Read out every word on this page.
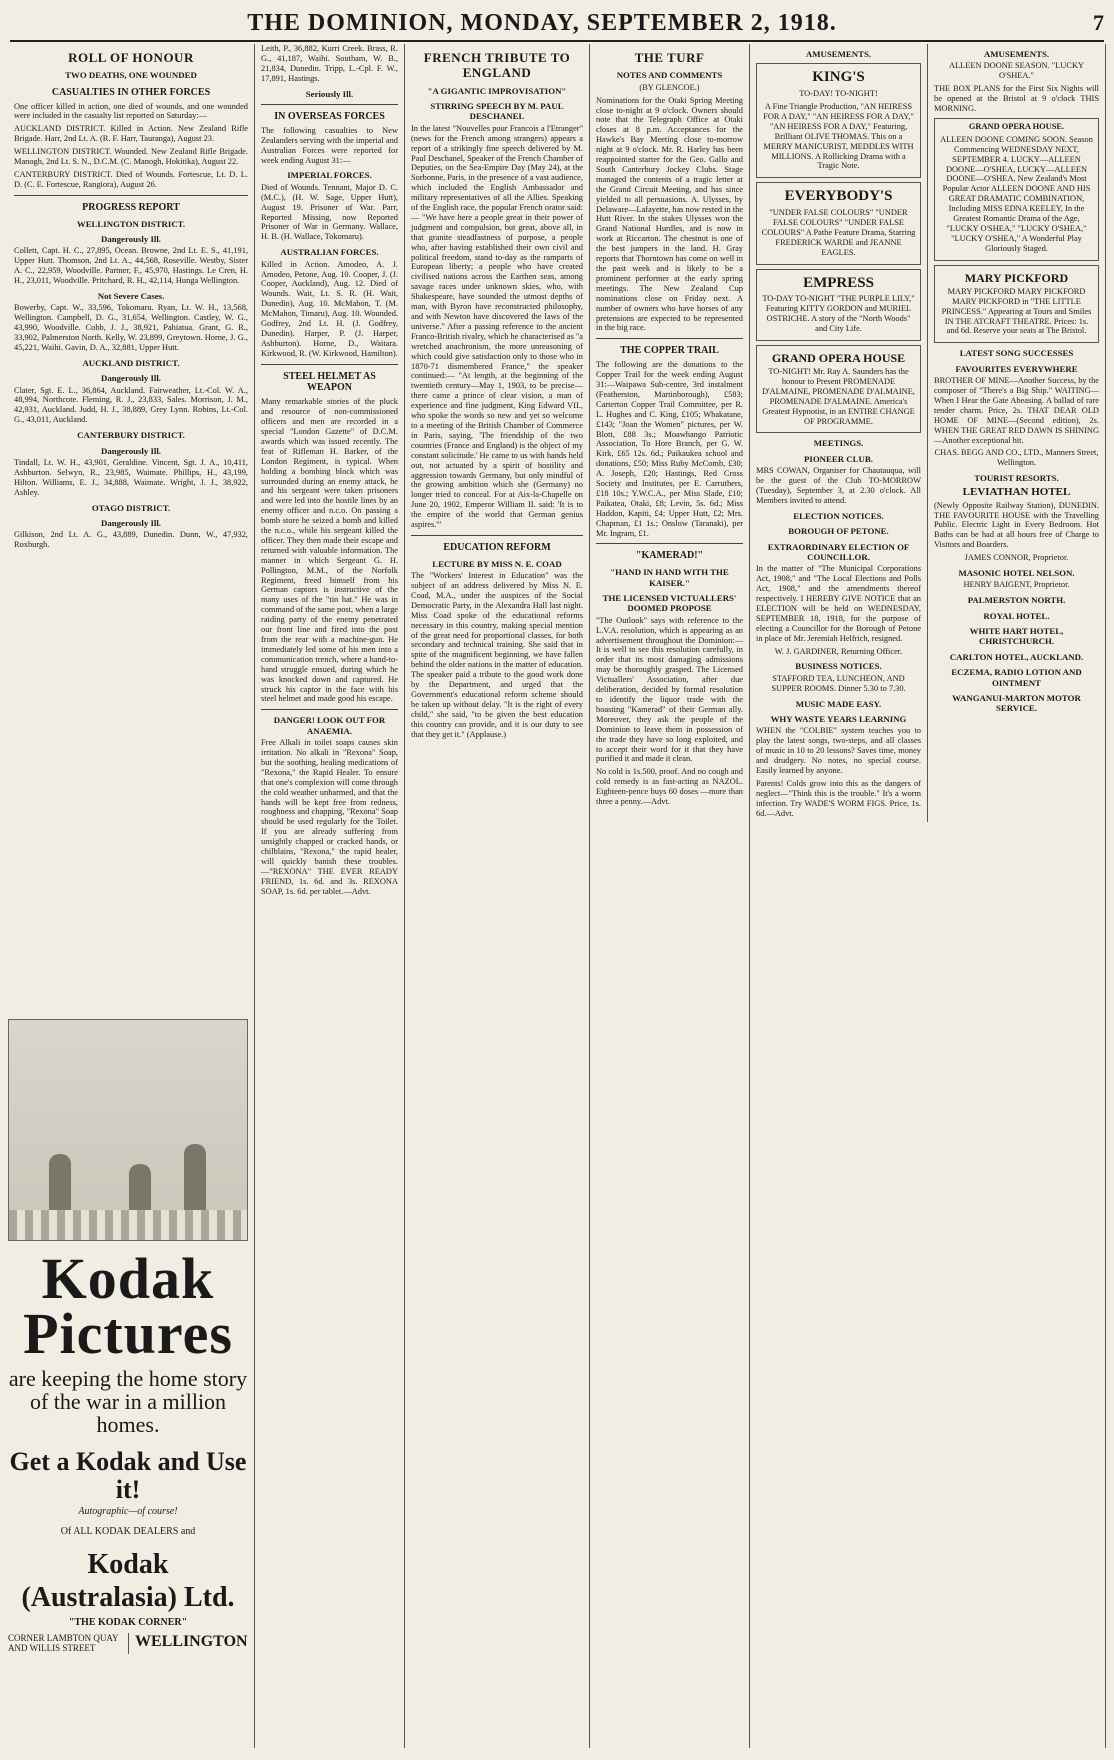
THE DOMINION, MONDAY, SEPTEMBER 2, 1918.	7
ROLL OF HONOUR
TWO DEATHS, ONE WOUNDED
CASUALTIES IN OTHER FORCES

One officer killed in action, one died of wounds, and one wounded were included in the casualty list reported on Saturday:—

AUCKLAND DISTRICT. Killed in Action. New Zealand Rifle Brigade. Harr, 2nd Lt. A. (R. F. Harr, Tauranga), August 23.

WELLINGTON DISTRICT. Wounded. New Zealand Rifle Brigade. Manogh, 2nd Lt. S. N., D.C.M. (C. Manogh, Hokitika), August 22.

CANTERBURY DISTRICT. Died of Wounds. Fortescue, Lt. D. L. D. (C. E. Fortescue, Rangiora), August 26.

PROGRESS REPORT
WELLINGTON DISTRICT.
Dangerously Ill.

Collett, Capt. H. C., 27,895, Ocean. Browne, 2nd Lt. E. S., 41,191, Upper Hutt. Thomson, 2nd Lt. A., 44,568, Roseville. Westby, Sister A. C., 22,959, Woodville. Partner, F., 45,970, Hastings. Le Cren, H. H., 23,011, Woodville. Pritchard, R. H., 42,114, Hunga Wellington.

Not Severe Cases.

Bowerby, Capt. W., 33,596, Tokomaru. Ryan, Lt. W. H., 13,568, Wellington. Campbell, D. G., 31,654, Wellington. Castley, W. G., 43,990, Woodville. Cobb, J. J., 38,921, Pahiatua. Grant, G. R., 33,902, Palmerston North. Kelly, W. 23,899, Greytown. Horne, J. G., 45,221, Waihi. Gavin, D. A., 32,881, Upper Hutt.

AUCKLAND DISTRICT.
Dangerously Ill.

Clater, Sgt. E. L., 36,864, Auckland. Fairweather, Lt.-Col. W. A., 48,994, Northcote. Fleming, R. J., 23,833, Sales. Morrison, J. M., 42,931, Auckland. Judd, H. J., 38,889, Grey Lynn. Robins, Lt.-Col. G., 43,011, Auckland.

CANTERBURY DISTRICT.
Dangerously Ill.

Tindall, Lt. W. H., 43,901, Geraldine. Vincent, Sgt. J. A., 10,411, Ashburton. Selwyn, R., 23,985, Waimate. Phillips, H., 43,199, Hilton. Williams, E. J., 34,888, Waimate. Wright, J. J., 38,922, Ashley.

OTAGO DISTRICT.
Dangerously Ill.

Gilkison, 2nd Lt. A. G., 43,889, Dunedin. Dunn, W., 47,932, Roxburgh.

Kodak Pictures
are keeping the home story of the war in a million homes.
Get a Kodak and Use it!
Autographic—of course!
Of ALL KODAK DEALERS and
Kodak (Australasia) Ltd.
"THE KODAK CORNER"
CORNER LAMBTON QUAY AND WILLIS STREET	WELLINGTON

Leith, P., 36,882, Kurri Creek. Brass, R. G., 41,187, Waihi. Southam, W. B., 21,834, Dunedin. Tripp, L.-Cpl. F. W., 17,891, Hastings.

Seriously Ill.
IN OVERSEAS FORCES

The following casualties to New Zealanders serving with the imperial and Australian Forces were reported for week ending August 31:—

IMPERIAL FORCES.

Died of Wounds. Tennant, Major D. C. (M.C.), (H. W. Sage, Upper Hutt), August 19. Prisoner of War. Parr, Reported Missing, now Reported Prisoner of War in Germany. Wallace, H. B. (H. Wallace, Tokomaru).

AUSTRALIAN FORCES.

Killed in Action. Amodeo, A. J. Amodeo, Petone, Aug. 10. Cooper, J. (J. Cooper, Auckland), Aug. 12. Died of Wounds. Wait, Lt. S. R. (H. Wait, Dunedin), Aug. 10. McMahon, T. (M. McMahon, Timaru), Aug. 10. Wounded. Godfrey, 2nd Lt. H. (J. Godfrey, Dunedin). Harper, P. (J. Harper, Ashburton). Horne, D., Waitara. Kirkwood, R. (W. Kirkwood, Hamilton).

STEEL HELMET AS WEAPON

Many remarkable stories of the pluck and resource of non-commissioned officers and men are recorded in a special "London Gazette" of D.C.M. awards which was issued recently. The feat of Rifleman H. Barker, of the London Regiment, is typical. When holding a bombing block which was surrounded during an enemy attack, he and his sergeant were taken prisoners and were led into the hostile lines by an enemy officer and n.c.o. On passing a bomb store he seized a bomb and killed the n.c.o., while his sergeant killed the officer. They then made their escape and returned with valuable information. The manner in which Sergeant G. H. Pollington, M.M., of the Norfolk Regiment, freed himself from his German captors is instructive of the many uses of the "tin hat." He was in command of the same post, when a large raiding party of the enemy penetrated our front line and fired into the post from the rear with a machine-gun. He immediately led some of his men into a communication trench, where a hand-to-hand struggle ensued, during which he was knocked down and captured. He struck his captor in the face with his steel helmet and made good his escape.

DANGER! LOOK OUT FOR ANAEMIA.

Free Alkali in toilet soaps causes skin irritation. No alkali in "Rexona" Soap, but the soothing, healing medications of "Rexona," the Rapid Healer. To ensure that one's complexion will come through the cold weather unharmed, and that the hands will be kept free from redness, roughness and chapping, "Rexona" Soap should be used regularly for the Toilet. If you are already suffering from unsightly chapped or cracked hands, or chilblains, "Rexona," the rapid healer, will quickly banish these troubles.—"REXONA" THE EVER READY FRIEND, 1s. 6d. and 3s. REXONA SOAP, 1s. 6d. per tablet.—Advt.

FRENCH TRIBUTE TO ENGLAND
"A GIGANTIC IMPROVISATION"
STIRRING SPEECH BY M. PAUL DESCHANEL

In the latest "Nouvelles pour Francois a l'Etranger" (news for the French among strangers) appears a report of a strikingly fine speech delivered by M. Paul Deschanel, Speaker of the French Chamber of Deputies, on the Sea-Empire Day (May 24), at the Sorbonne, Paris, in the presence of a vast audience, which included the English Ambassador and military representatives of all the Allies. Speaking of the English race, the popular French orator said:— "We have here a people great in their power of judgment and compulsion, but great, above all, in that granite steadfastness of purpose, a people who, after having established their own civil and political freedom, stand to-day as the ramparts of European liberty; a people who have created civilised nations across the Earthen seas, among savage races under unknown skies, who, with Shakespeare, have sounded the utmost depths of man, with Byron have reconstructed philosophy, and with Newton have discovered the laws of the universe." After a passing reference to the ancient Franco-British rivalry, which he characterised as "a wretched anachronism, the more unreasoning of which could give satisfaction only to those who in 1870-71 dismembered France," the speaker continued:— "At length, at the beginning of the twentieth century—May 1, 1903, to be precise—there came a prince of clear vision, a man of experience and fine judgment, King Edward VII., who spoke the words so new and yet so welcome to a meeting of the British Chamber of Commerce in Paris, saying, 'The friendship of the two countries (France and England) is the object of my constant solicitude.' He came to us with hands held out, not actuated by a spirit of hostility and aggression towards Germany, but only mindful of the growing ambition which she (Germany) no longer tried to conceal. For at Aix-la-Chapelle on June 20, 1902, Emperor William II. said: 'It is to the empire of the world that German genius aspires.'"

EDUCATION REFORM
LECTURE BY MISS N. E. COAD

The "Workers' Interest in Education" was the subject of an address delivered by Miss N. E. Coad, M.A., under the auspices of the Social Democratic Party, in the Alexandra Hall last night. Miss Coad spoke of the educational reforms necessary in this country, making special mention of the great need for proportional classes, for both secondary and technical training. She said that in spite of the magnificent beginning, we have fallen behind the older nations in the matter of education. The speaker paid a tribute to the good work done by the Department, and urged that the Government's educational reform scheme should be taken up without delay. "It is the right of every child," she said, "to be given the best education this country can provide, and it is our duty to see that they get it." (Applause.)

THE TURF
NOTES AND COMMENTS

(BY GLENCOE.)

Nominations for the Otaki Spring Meeting close to-night at 9 o'clock. Owners should note that the Telegraph Office at Otaki closes at 8 p.m. Acceptances for the Hawke's Bay Meeting close to-morrow night at 9 o'clock. Mr. R. Harley has been reappointed starter for the Geo. Gallo and South Canterbury Jockey Clubs. Stage managed the contents of a tragic letter at the Grand Circuit Meeting, and has since yielded to all persuasions. A. Ulysses, by Delaware—Lafayette, has now rested in the Hutt River. In the stakes Ulysses won the Grand National Hurdles, and is now in work at Riccarton. The chestnut is one of the best jumpers in the land. H. Gray reports that Thorntown has come on well in the past week and is likely to be a prominent performer at the early spring meetings. The New Zealand Cup nominations close on Friday next. A number of owners who have horses of any pretensions are expected to be represented in the big race.

THE COPPER TRAIL

The following are the donations to the Copper Trail for the week ending August 31:—Waipawa Sub-centre, 3rd instalment (Featherston, Martinborough), £583; Carterton Copper Trail Committee, per R. L. Hughes and C. King, £105; Whakatane, £143; "Joan the Women" pictures, per W. Blott, £88 3s.; Moawhango Patriotic Association, To Hore Branch, per G. W. Kirk, £65 12s. 6d.; Paikaukea school and donations, £50; Miss Ruby McComb, £30; A. Joseph, £20; Hastings, Red Cross Society and Institutes, per E. Carruthers, £18 10s.; Y.W.C.A., per Miss Slade, £10; Paikatea, Otaki, £8; Levin, 5s. 6d.; Miss Haddon, Kapiti, £4; Upper Hutt, £2; Mrs. Chapman, £1 1s.; Onslow (Taranaki), per Mr. Ingram, £1.

"KAMERAD!"
"HAND IN HAND WITH THE KAISER."
THE LICENSED VICTUALLERS' DOOMED PROPOSE

"The Outlook" says with reference to the L.V.A. resolution, which is appearing as an advertisement throughout the Dominion:— It is well to see this resolution carefully, in order that its most damaging admissions may be thoroughly grasped. The Licensed Victuallers' Association, after due deliberation, decided by formal resolution to identify the liquor trade with the boasting "Kamerad" of their German ally. Moreover, they ask the people of the Dominion to leave them in possession of the trade they have so long exploited, and to accept their word for it that they have purified it and made it clean.

No cold is 1s.500, proof. And no cough and cold remedy is as fast-acting as NAZOL. Eighteen-pence buys 60 doses —more than three a penny.—Advt.

AMUSEMENTS.
KING'S

TO-DAY! TO-NIGHT!

A Fine Triangle Production, "AN HEIRESS FOR A DAY," "AN HEIRESS FOR A DAY," "AN HEIRESS FOR A DAY," Featuring, Brilliant OLIVE THOMAS. This on a MERRY MANICURIST, MEDDLES WITH MILLIONS. A Rollicking Drama with a Tragic Note.

EVERYBODY'S

"UNDER FALSE COLOURS" "UNDER FALSE COLOURS" "UNDER FALSE COLOURS" A Pathe Feature Drama, Starring FREDERICK WARDE and JEANNE EAGLES.

EMPRESS

TO-DAY TO-NIGHT "THE PURPLE LILY," Featuring KITTY GORDON and MURIEL OSTRICHE. A story of the "North Woods" and City Life.

GRAND OPERA HOUSE

TO-NIGHT! Mr. Ray A. Saunders has the honour to Present PROMENADE D'ALMAINE, PROMENADE D'ALMAINE, PROMENADE D'ALMAINE. America's Greatest Hypnotist, in an ENTIRE CHANGE OF PROGRAMME.

MEETINGS.
PIONEER CLUB.

MRS COWAN, Organiser for Chautauqua, will be the guest of the Club TO-MORROW (Tuesday), September 3, at 2.30 o'clock. All Members invited to attend.

ELECTION NOTICES.
BOROUGH OF PETONE.
EXTRAORDINARY ELECTION OF COUNCILLOR.

In the matter of "The Municipal Corporations Act, 1908," and "The Local Elections and Polls Act, 1908," and the amendments thereof respectively. I HEREBY GIVE NOTICE that an ELECTION will be held on WEDNESDAY, SEPTEMBER 18, 1918, for the purpose of electing a Councillor for the Borough of Petone in place of Mr. Jeremiah Helfrich, resigned.

W. J. GARDINER, Returning Officer.

BUSINESS NOTICES.

STAFFORD TEA, LUNCHEON, AND SUPPER ROOMS. Dinner 5.30 to 7.30.

MUSIC MADE EASY.
WHY WASTE YEARS LEARNING

WHEN the "COLBIE" system teaches you to play the latest songs, two-steps, and all classes of music in 10 to 20 lessons? Saves time, money and drudgery. No notes, no special course. Easily learned by anyone.

Parents! Colds grow into this as the dangers of neglect—"Think this is the trouble." It's a worm infection. Try WADE'S WORM FIGS. Price, 1s. 6d.—Advt.

AMUSEMENTS.

ALLEEN DOONE SEASON. "LUCKY O'SHEA."

THE BOX PLANS for the First Six Nights will be opened at the Bristol at 9 o'clock THIS MORNING.

GRAND OPERA HOUSE.

ALLEEN DOONE COMING SOON. Season Commencing WEDNESDAY NEXT, SEPTEMBER 4. LUCKY—ALLEEN DOONE—O'SHEA, LUCKY—ALLEEN DOONE—O'SHEA. New Zealand's Most Popular Actor ALLEEN DOONE AND HIS GREAT DRAMATIC COMBINATION, Including MISS EDNA KEELEY, In the Greatest Romantic Drama of the Age, "LUCKY O'SHEA," "LUCKY O'SHEA," "LUCKY O'SHEA," A Wonderful Play Gloriously Staged.

MARY PICKFORD

MARY PICKFORD MARY PICKFORD MARY PICKFORD in "THE LITTLE PRINCESS." Appearing at Tours and Smiles IN THE ATCRAFT THEATRE. Prices: 1s. and 6d. Reserve your seats at The Bristol.

LATEST SONG SUCCESSES
FAVOURITES EVERYWHERE

BROTHER OF MINE—Another Success, by the composer of "There's a Big Ship." WAITING—When I Hear the Gate Abeasing. A ballad of rare tender charm. Price, 2s. THAT DEAR OLD HOME OF MINE—(Second edition), 2s. WHEN THE GREAT RED DAWN IS SHINING—Another exceptional hit.

CHAS. BEGG AND CO., LTD., Manners Street, Wellington.

TOURIST RESORTS.
LEVIATHAN HOTEL

(Newly Opposite Railway Station), DUNEDIN. THE FAVOURITE HOUSE with the Travelling Public. Electric Light in Every Bedroom. Hot Baths can be had at all hours free of Charge to Visitors and Boarders.

JAMES CONNOR, Proprietor.

MASONIC HOTEL NELSON.

HENRY BAIGENT, Proprietor.

PALMERSTON NORTH.
ROYAL HOTEL.
WHITE HART HOTEL, CHRISTCHURCH.
CARLTON HOTEL, AUCKLAND.
ECZEMA, RADIO LOTION AND OINTMENT
WANGANUI-MARTON MOTOR SERVICE.
